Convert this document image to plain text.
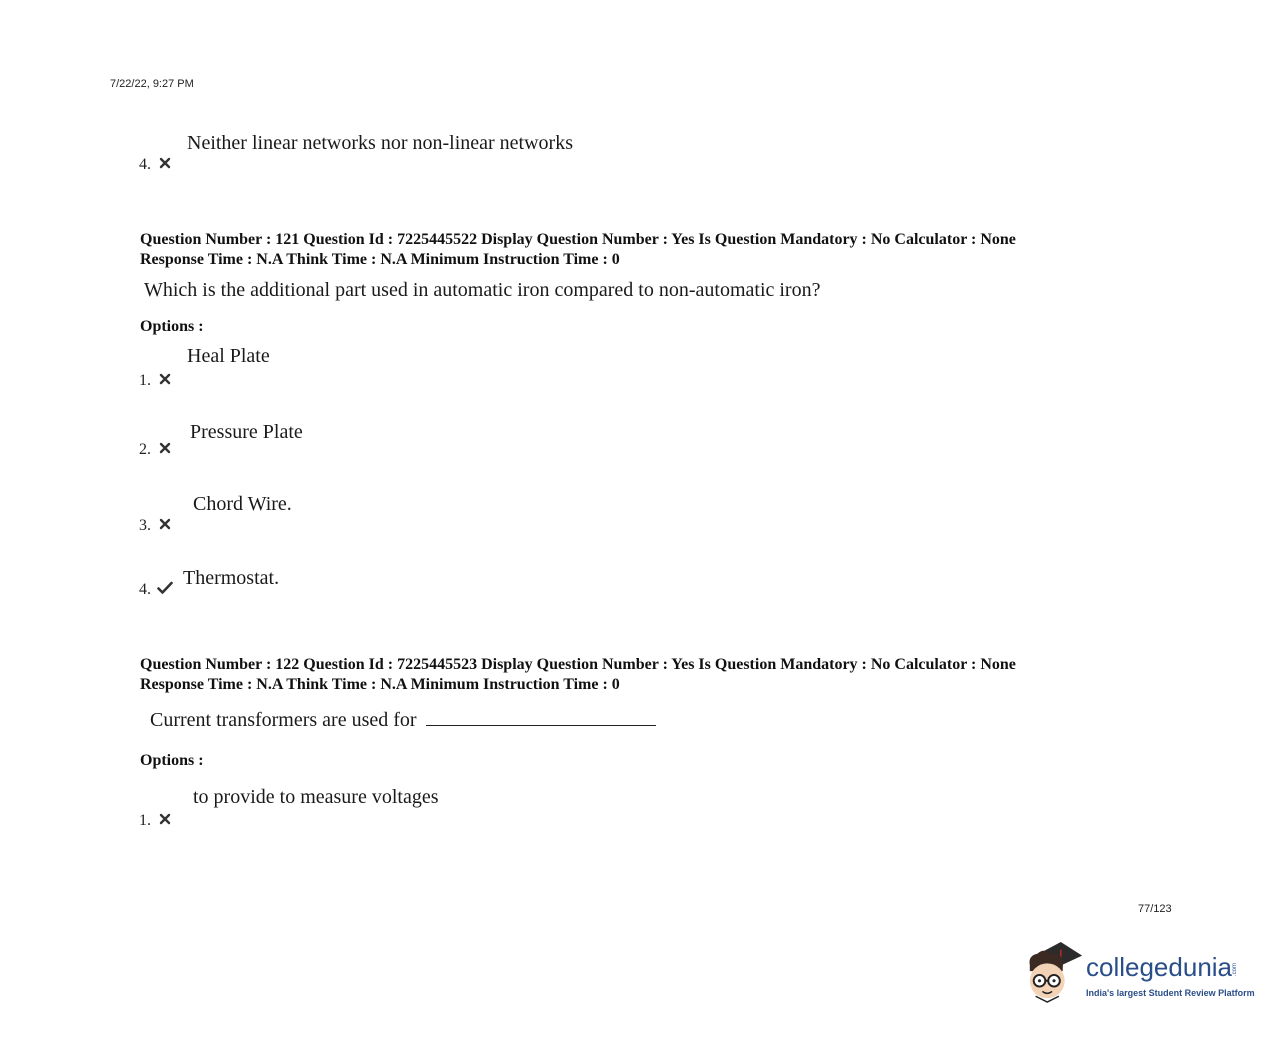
7/22/22, 9:27 PM
Neither linear networks nor non-linear networks
4.
Question Number : 121 Question Id : 7225445522 Display Question Number : Yes Is Question Mandatory : No Calculator : None
Response Time : N.A Think Time : N.A Minimum Instruction Time : 0
Which is the additional part used in automatic iron compared to non-automatic iron?
Options :
Heal Plate
1.
Pressure Plate
2.
Chord Wire.
3.
Thermostat.
4.
Question Number : 122 Question Id : 7225445523 Display Question Number : Yes Is Question Mandatory : No Calculator : None
Response Time : N.A Think Time : N.A Minimum Instruction Time : 0
Current transformers are used for
Options :
to provide to measure voltages
1.
77/123
collegedunia.com
India's largest Student Review Platform
